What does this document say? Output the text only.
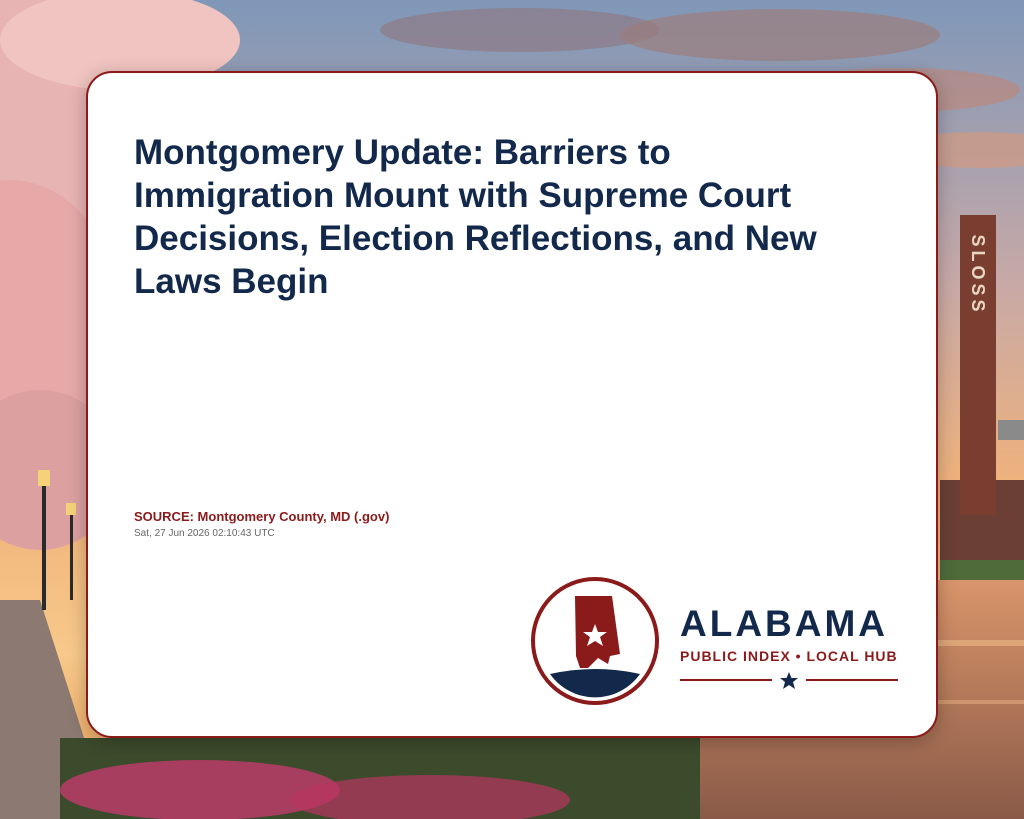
SLOSS
Montgomery Update: Barriers to Immigration Mount with Supreme Court Decisions, Election Reflections, and New Laws Begin
SOURCE: Montgomery County, MD (.gov)
Sat, 27 Jun 2026 02:10:43 UTC
ALABAMA
PUBLIC INDEX • LOCAL HUB
